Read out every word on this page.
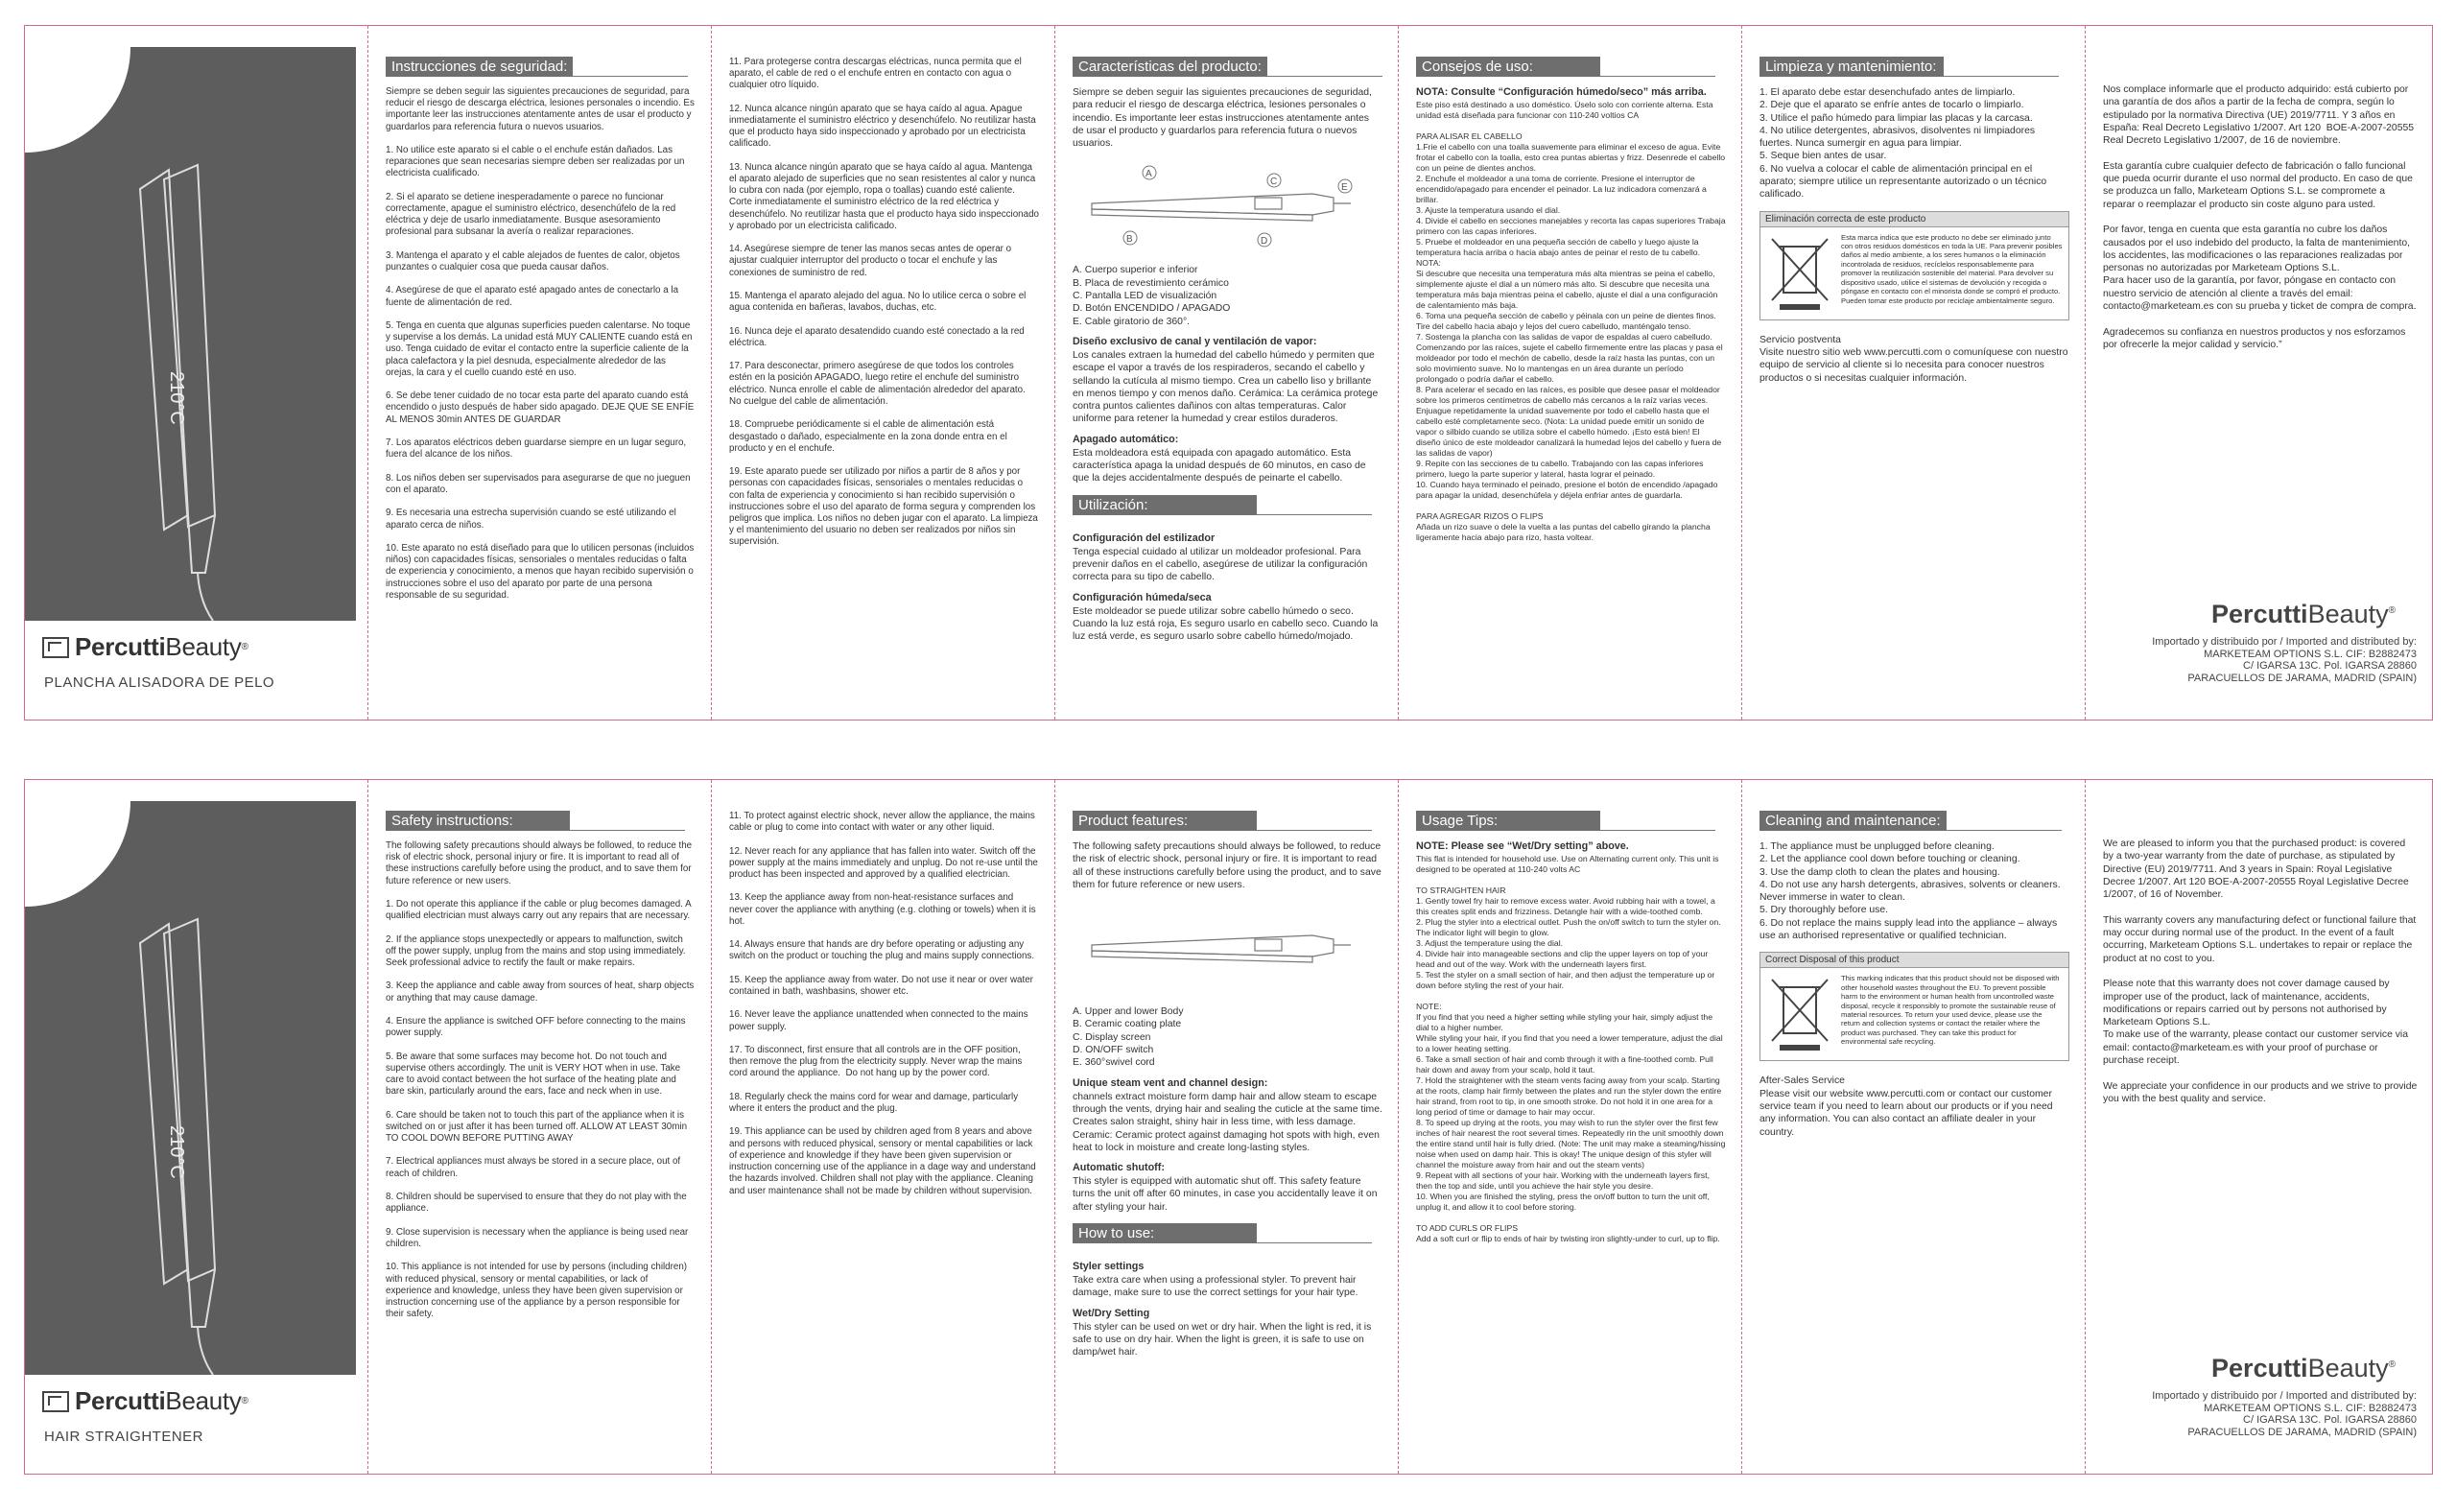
210°C
Percutti Beauty ®
PLANCHA ALISADORA DE PELO
Instrucciones de seguridad:
Siempre se deben seguir las siguientes precauciones de seguridad, para reducir el riesgo de descarga eléctrica, lesiones personales o incendio. Es importante leer las instrucciones atentamente antes de usar el producto y guardarlos para referencia futura o nuevos usuarios.

1. No utilice este aparato si el cable o el enchufe están dañados. Las reparaciones que sean necesarias siempre deben ser realizadas por un electricista cualificado.

2. Si el aparato se detiene inesperadamente o parece no funcionar correctamente, apague el suministro eléctrico, desenchúfelo de la red eléctrica y deje de usarlo inmediatamente. Busque asesoramiento profesional para subsanar la avería o realizar reparaciones.

3. Mantenga el aparato y el cable alejados de fuentes de calor, objetos punzantes o cualquier cosa que pueda causar daños.

4. Asegúrese de que el aparato esté apagado antes de conectarlo a la fuente de alimentación de red.

5. Tenga en cuenta que algunas superficies pueden calentarse. No toque y supervise a los demás. La unidad está MUY CALIENTE cuando está en uso. Tenga cuidado de evitar el contacto entre la superficie caliente de la placa calefactora y la piel desnuda, especialmente alrededor de las orejas, la cara y el cuello cuando esté en uso.

6. Se debe tener cuidado de no tocar esta parte del aparato cuando está encendido o justo después de haber sido apagado. DEJE QUE SE ENFÍE AL MENOS 30min ANTES DE GUARDAR

7. Los aparatos eléctricos deben guardarse siempre en un lugar seguro, fuera del alcance de los niños.

8. Los niños deben ser supervisados para asegurarse de que no jueguen con el aparato.

9. Es necesaria una estrecha supervisión cuando se esté utilizando el aparato cerca de niños.

10. Este aparato no está diseñado para que lo utilicen personas (incluidos niños) con capacidades físicas, sensoriales o mentales reducidas o falta de experiencia y conocimiento, a menos que hayan recibido supervisión o instrucciones sobre el uso del aparato por parte de una persona responsable de su seguridad.
11. Para protegerse contra descargas eléctricas, nunca permita que el aparato, el cable de red o el enchufe entren en contacto con agua o cualquier otro líquido.

12. Nunca alcance ningún aparato que se haya caído al agua. Apague inmediatamente el suministro eléctrico y desenchúfelo. No reutilizar hasta que el producto haya sido inspeccionado y aprobado por un electricista calificado.

13. Nunca alcance ningún aparato que se haya caído al agua. Mantenga el aparato alejado de superficies que no sean resistentes al calor y nunca lo cubra con nada (por ejemplo, ropa o toallas) cuando esté caliente. Corte inmediatamente el suministro eléctrico de la red eléctrica y desenchúfelo. No reutilizar hasta que el producto haya sido inspeccionado y aprobado por un electricista calificado.

14. Asegúrese siempre de tener las manos secas antes de operar o ajustar cualquier interruptor del producto o tocar el enchufe y las conexiones de suministro de red.

15. Mantenga el aparato alejado del agua. No lo utilice cerca o sobre el agua contenida en bañeras, lavabos, duchas, etc.

16. Nunca deje el aparato desatendido cuando esté conectado a la red eléctrica.

17. Para desconectar, primero asegúrese de que todos los controles estén en la posición APAGADO, luego retire el enchufe del suministro eléctrico. Nunca enrolle el cable de alimentación alrededor del aparato. No cuelgue del cable de alimentación.

18. Compruebe periódicamente si el cable de alimentación está desgastado o dañado, especialmente en la zona donde entra en el producto y en el enchufe.

19. Este aparato puede ser utilizado por niños a partir de 8 años y por personas con capacidades físicas, sensoriales o mentales reducidas o con falta de experiencia y conocimiento si han recibido supervisión o instrucciones sobre el uso del aparato de forma segura y comprenden los peligros que implica. Los niños no deben jugar con el aparato. La limpieza y el mantenimiento del usuario no deben ser realizados por niños sin supervisión.
Características del producto:
Siempre se deben seguir las siguientes precauciones de seguridad, para reducir el riesgo de descarga eléctrica, lesiones personales o incendio. Es importante leer estas instrucciones atentamente antes de usar el producto y guardarlos para referencia futura o nuevos usuarios.
A
B
C
D
E
A. Cuerpo superior e inferior
B. Placa de revestimiento cerámico
C. Pantalla LED de visualización
D. Botón ENCENDIDO / APAGADO
E. Cable giratorio de 360°.
Diseño exclusivo de canal y ventilación de vapor:
Los canales extraen la humedad del cabello húmedo y permiten que escape el vapor a través de los respiraderos, secando el cabello y sellando la cutícula al mismo tiempo. Crea un cabello liso y brillante en menos tiempo y con menos daño. Cerámica: La cerámica protege contra puntos calientes dañinos con altas temperaturas. Calor uniforme para retener la humedad y crear estilos duraderos.
Apagado automático:
Esta moldeadora está equipada con apagado automático. Esta característica apaga la unidad después de 60 minutos, en caso de que la dejes accidentalmente después de peinarte el cabello.
Utilización:
Configuración del estilizador
Tenga especial cuidado al utilizar un moldeador profesional. Para prevenir daños en el cabello, asegúrese de utilizar la configuración correcta para su tipo de cabello.
Configuración húmeda/seca
Este moldeador se puede utilizar sobre cabello húmedo o seco. Cuando la luz está roja, Es seguro usarlo en cabello seco. Cuando la luz está verde, es seguro usarlo sobre cabello húmedo/mojado.
Consejos de uso:
NOTA: Consulte “Configuración húmedo/seco” más arriba.
Este piso está destinado a uso doméstico. Úselo solo con corriente alterna. Esta unidad está diseñada para funcionar con 110-240 voltios CA

PARA ALISAR EL CABELLO
1.Frie el cabello con una toalla suavemente para eliminar el exceso de agua. Evite frotar el cabello con la toalla, esto crea puntas abiertas y frizz. Desenrede el cabello con un peine de dientes anchos.
2. Enchufe el moldeador a una toma de corriente. Presione el interruptor de encendido/apagado para encender el peinador. La luz indicadora comenzará a brillar.
3. Ajuste la temperatura usando el dial.
4. Divide el cabello en secciones manejables y recorta las capas superiores Trabaja primero con las capas inferiores.
5. Pruebe el moldeador en una pequeña sección de cabello y luego ajuste la temperatura hacia arriba o hacia abajo antes de peinar el resto de tu cabello.
NOTA:
Si descubre que necesita una temperatura más alta mientras se peina el cabello, simplemente ajuste el dial a un número más alto. Si descubre que necesita una temperatura más baja mientras peina el cabello, ajuste el dial a una configuración de calentamiento más baja.
6. Toma una pequeña sección de cabello y péinala con un peine de dientes finos. Tire del cabello hacia abajo y lejos del cuero cabelludo, manténgalo tenso.
7. Sostenga la plancha con las salidas de vapor de espaldas al cuero cabelludo. Comenzando por las raíces, sujete el cabello firmemente entre las placas y pasa el moldeador por todo el mechón de cabello, desde la raíz hasta las puntas, con un solo movimiento suave. No lo mantengas en un área durante un período prolongado o podría dañar el cabello.
8. Para acelerar el secado en las raíces, es posible que desee pasar el moldeador sobre los primeros centímetros de cabello más cercanos a la raíz varias veces. Enjuague repetidamente la unidad suavemente por todo el cabello hasta que el cabello esté completamente seco. (Nota: La unidad puede emitir un sonido de vapor o silbido cuando se utiliza sobre el cabello húmedo. ¡Esto está bien! El diseño único de este moldeador canalizará la humedad lejos del cabello y fuera de las salidas de vapor)
9. Repite con las secciones de tu cabello. Trabajando con las capas inferiores primero, luego la parte superior y lateral, hasta lograr el peinado.
10. Cuando haya terminado el peinado, presione el botón de encendido /apagado para apagar la unidad, desenchúfela y déjela enfriar antes de guardarla.

PARA AGREGAR RIZOS O FLIPS
Añada un rizo suave o dele la vuelta a las puntas del cabello girando la plancha ligeramente hacia abajo para rizo, hasta voltear.
Limpieza y mantenimiento:
1. El aparato debe estar desenchufado antes de limpiarlo.
2. Deje que el aparato se enfríe antes de tocarlo o limpiarlo.
3. Utilice el paño húmedo para limpiar las placas y la carcasa.
4. No utilice detergentes, abrasivos, disolventes ni limpiadores fuertes. Nunca sumergir en agua para limpiar.
5. Seque bien antes de usar.
6. No vuelva a colocar el cable de alimentación principal en el aparato; siempre utilice un representante autorizado o un técnico calificado.
Eliminación correcta de este producto
Esta marca indica que este producto no debe ser eliminado junto con otros residuos domésticos en toda la UE. Para prevenir posibles daños al medio ambiente, a los seres humanos o la eliminación incontrolada de residuos, recíclelos responsablemente para promover la reutilización sostenible del material. Para devolver su dispositivo usado, utilice el sistemas de devolución y recogida o póngase en contacto con el minorista donde se compró el producto. Pueden tomar este producto por reciclaje ambientalmente seguro.
Servicio postventa
Visite nuestro sitio web www.percutti.com o comuníquese con nuestro equipo de servicio al cliente si lo necesita para conocer nuestros productos o si necesitas cualquier información.
Nos complace informarle que el producto adquirido: está cubierto por una garantía de dos años a partir de la fecha de compra, según lo estipulado por la normativa Directiva (UE) 2019/7711. Y 3 años en España: Real Decreto Legislativo 1/2007. Art 120  BOE-A-2007-20555 Real Decreto Legislativo 1/2007, de 16 de noviembre.

Esta garantía cubre cualquier defecto de fabricación o fallo funcional que pueda ocurrir durante el uso normal del producto. En caso de que se produzca un fallo, Marketeam Options S.L. se compromete a reparar o reemplazar el producto sin coste alguno para usted.

Por favor, tenga en cuenta que esta garantía no cubre los daños causados por el uso indebido del producto, la falta de mantenimiento, los accidentes, las modificaciones o las reparaciones realizadas por personas no autorizadas por Marketeam Options S.L.
Para hacer uso de la garantía, por favor, póngase en contacto con nuestro servicio de atención al cliente a través del email: contacto@marketeam.es con su prueba y ticket de compra de compra.

Agradecemos su confianza en nuestros productos y nos esforzamos por ofrecerle la mejor calidad y servicio.”
PercuttiBeauty®
Importado y distribuido por / Imported and distributed by:
MARKETEAM OPTIONS S.L. CIF: B2882473
C/ IGARSA 13C. Pol. IGARSA 28860
PARACUELLOS DE JARAMA, MADRID (SPAIN)
210°C
Percutti Beauty ®
HAIR STRAIGHTENER
Safety instructions:
The following safety precautions should always be followed, to reduce the risk of electric shock, personal injury or fire. It is important to read all of these instructions carefully before using the product, and to save them for future reference or new users.

1. Do not operate this appliance if the cable or plug becomes damaged. A qualified electrician must always carry out any repairs that are necessary.

2. If the appliance stops unexpectedly or appears to malfunction, switch off the power supply, unplug from the mains and stop using immediately. Seek professional advice to rectify the fault or make repairs.

3. Keep the appliance and cable away from sources of heat, sharp objects or anything that may cause damage.

4. Ensure the appliance is switched OFF before connecting to the mains power supply.

5. Be aware that some surfaces may become hot. Do not touch and supervise others accordingly. The unit is VERY HOT when in use. Take care to avoid contact between the hot surface of the heating plate and bare skin, particularly around the ears, face and neck when in use.

6. Care should be taken not to touch this part of the appliance when it is switched on or just after it has been turned off. ALLOW AT LEAST 30min TO COOL DOWN BEFORE PUTTING AWAY

7. Electrical appliances must always be stored in a secure place, out of reach of children.

8. Children should be supervised to ensure that they do not play with the appliance.

9. Close supervision is necessary when the appliance is being used near children.

10. This appliance is not intended for use by persons (including children) with reduced physical, sensory or mental capabilities, or lack of experience and knowledge, unless they have been given supervision or instruction concerning use of the appliance by a person responsible for their safety.
11. To protect against electric shock, never allow the appliance, the mains cable or plug to come into contact with water or any other liquid.

12. Never reach for any appliance that has fallen into water. Switch off the power supply at the mains immediately and unplug. Do not re-use until the product has been inspected and approved by a qualified electrician.

13. Keep the appliance away from non-heat-resistance surfaces and never cover the appliance with anything (e.g. clothing or towels) when it is hot.

14. Always ensure that hands are dry before operating or adjusting any switch on the product or touching the plug and mains supply connections.

15. Keep the appliance away from water. Do not use it near or over water contained in bath, washbasins, shower etc.

16. Never leave the appliance unattended when connected to the mains power supply.

17. To disconnect, first ensure that all controls are in the OFF position, then remove the plug from the electricity supply. Never wrap the mains cord around the appliance.  Do not hang up by the power cord.

18. Regularly check the mains cord for wear and damage, particularly where it enters the product and the plug.

19. This appliance can be used by children aged from 8 years and above and persons with reduced physical, sensory or mental capabilities or lack of experience and knowledge if they have been given supervision or instruction concerning use of the appliance in a dage way and understand the hazards involved. Children shall not play with the appliance. Cleaning and user maintenance shall not be made by children without supervision.
Product features:
The following safety precautions should always be followed, to reduce the risk of electric shock, personal injury or fire. It is important to read all of these instructions carefully before using the product, and to save them for future reference or new users.
A. Upper and lower Body
B. Ceramic coating plate
C. Display screen
D. ON/OFF switch
E. 360°swivel cord
Unique steam vent and channel design:
channels extract moisture form damp hair and allow steam to escape through the vents, drying hair and sealing the cuticle at the same time. Creates salon straight, shiny hair in less time, with less damage. Ceramic: Ceramic protect against damaging hot spots with high, even heat to lock in moisture and create long-lasting styles.
Automatic shutoff:
This styler is equipped with automatic shut off. This safety feature turns the unit off after 60 minutes, in case you accidentally leave it on after styling your hair.
How to use:
Styler settings
Take extra care when using a professional styler. To prevent hair damage, make sure to use the correct settings for your hair type.
Wet/Dry Setting
This styler can be used on wet or dry hair. When the light is red, it is safe to use on dry hair. When the light is green, it is safe to use on damp/wet hair.
Usage Tips:
NOTE: Please see “Wet/Dry setting” above.
This flat is intended for household use. Use on Alternating current only. This unit is designed to be operated at 110-240 volts AC

TO STRAIGHTEN HAIR
1. Gently towel fry hair to remove excess water. Avoid rubbing hair with a towel, a this creates split ends and frizziness. Detangle hair with a wide-toothed comb.
2. Plug the styler into a electrical outlet. Push the on/off switch to turn the styler on. The indicator light will begin to glow.
3. Adjust the temperature using the dial.
4. Divide hair into manageable sections and clip the upper layers on top of your head and out of the way. Work with the underneath layers first.
5. Test the styler on a small section of hair, and then adjust the temperature up or down before styling the rest of your hair.

NOTE:
If you find that you need a higher setting while styling your hair, simply adjust the dial to a higher number.
While styling your hair, if you find that you need a lower temperature, adjust the dial to a lower heating setting.
6. Take a small section of hair and comb through it with a fine-toothed comb. Pull hair down and away from your scalp, hold it taut.
7. Hold the straightener with the steam vents facing away from your scalp. Starting at the roots, clamp hair firmly between the plates and run the styler down the entire hair strand, from root to tip, in one smooth stroke. Do not hold it in one area for a long period of time or damage to hair may occur.
8. To speed up drying at the roots, you may wish to run the styler over the first few inches of hair nearest the root several times. Repeatedly rin the unit smoothly down the entire stand until hair is fully dried. (Note: The unit may make a steaming/hissing noise when used on damp hair. This is okay! The unique design of this styler will channel the moisture away from hair and out the steam vents)
9. Repeat with all sections of your hair. Working with the underneath layers first, then the top and side, until you achieve the hair style you desire.
10. When you are finished the styling, press the on/off button to turn the unit off, unplug it, and allow it to cool before storing.

TO ADD CURLS OR FLIPS
Add a soft curl or flip to ends of hair by twisting iron slightly-under to curl, up to flip.
Cleaning and maintenance:
1. The appliance must be unplugged before cleaning.
2. Let the appliance cool down before touching or cleaning.
3. Use the damp cloth to clean the plates and housing.
4. Do not use any harsh detergents, abrasives, solvents or cleaners. Never immerse in water to clean.
5. Dry thoroughly before use.
6. Do not replace the mains supply lead into the appliance – always use an authorised representative or qualified technician.
Correct Disposal of this product
This marking indicates that this product should not be disposed with other household wastes throughout the EU. To prevent possible harm to the environment or human health from uncontrolled waste disposal, recycle it responsibly to promote the sustainable reuse of material resources. To return your used device, please use the return and collection systems or contact the retailer where the product was purchased. They can take this product for environmental safe recycling.
After-Sales Service
Please visit our website www.percutti.com or contact our customer service team if you need to learn about our products or if you need any information. You can also contact an affiliate dealer in your country.
We are pleased to inform you that the purchased product: is covered by a two-year warranty from the date of purchase, as stipulated by Directive (EU) 2019/7711. And 3 years in Spain: Royal Legislative Decree 1/2007. Art 120 BOE-A-2007-20555 Royal Legislative Decree 1/2007, of 16 of November.

This warranty covers any manufacturing defect or functional failure that may occur during normal use of the product. In the event of a fault occurring, Marketeam Options S.L. undertakes to repair or replace the product at no cost to you.

Please note that this warranty does not cover damage caused by improper use of the product, lack of maintenance, accidents, modifications or repairs carried out by persons not authorised by Marketeam Options S.L.
To make use of the warranty, please contact our customer service via email: contacto@marketeam.es with your proof of purchase or purchase receipt.

We appreciate your confidence in our products and we strive to provide you with the best quality and service.
PercuttiBeauty®
Importado y distribuido por / Imported and distributed by:
MARKETEAM OPTIONS S.L. CIF: B2882473
C/ IGARSA 13C. Pol. IGARSA 28860
PARACUELLOS DE JARAMA, MADRID (SPAIN)
